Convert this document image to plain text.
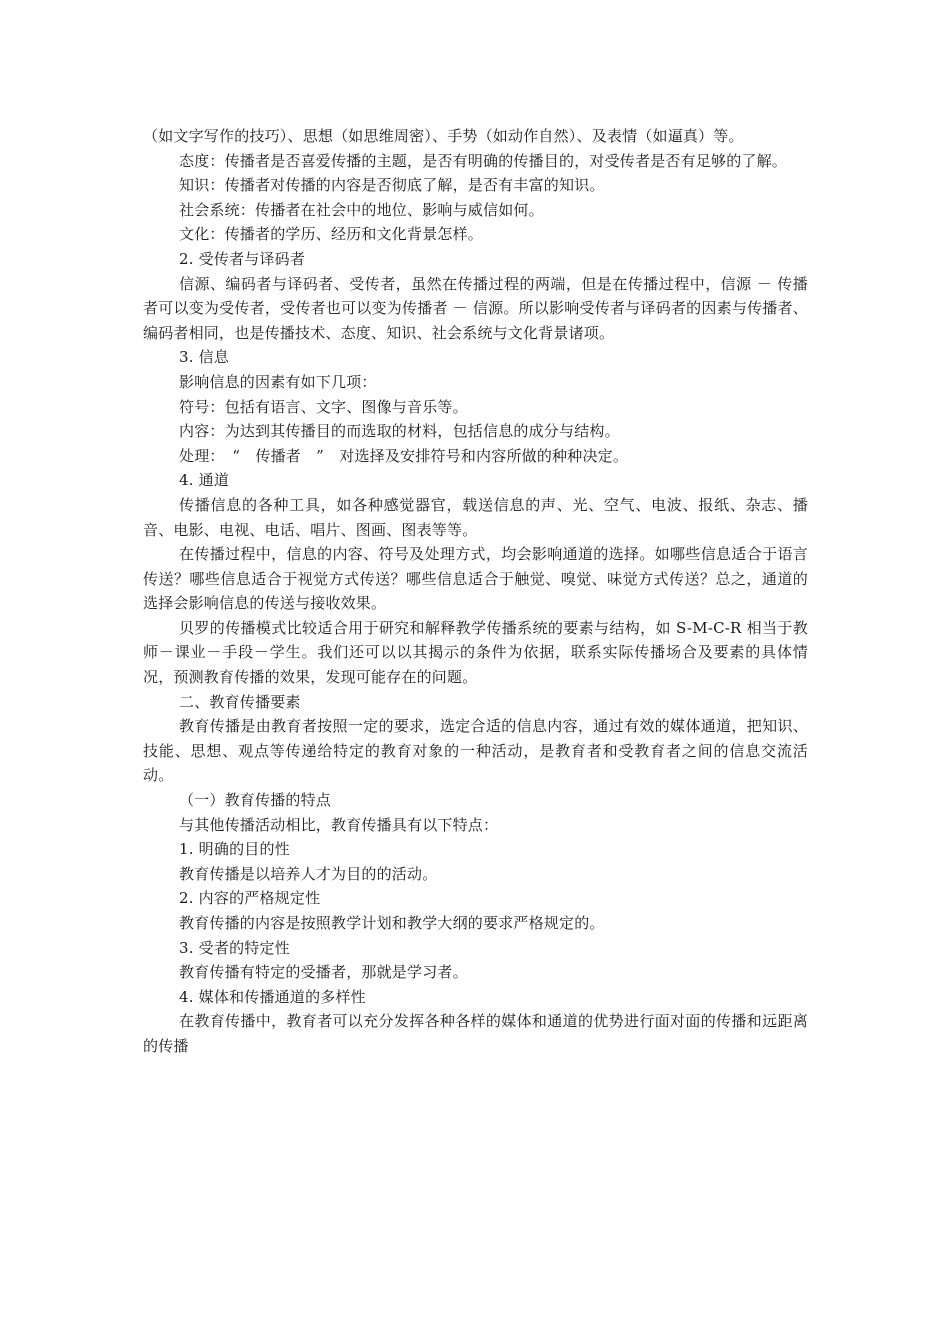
（如文字写作的技巧）、思想（如思维周密）、手势（如动作自然）、及表情（如逼真）等。

态度：传播者是否喜爱传播的主题，是否有明确的传播目的，对受传者是否有足够的了解。

知识：传播者对传播的内容是否彻底了解，是否有丰富的知识。

社会系统：传播者在社会中的地位、影响与威信如何。

文化：传播者的学历、经历和文化背景怎样。

2. 受传者与译码者

信源、编码者与译码者、受传者，虽然在传播过程的两端，但是在传播过程中，信源 － 传播者可以变为受传者，受传者也可以变为传播者 － 信源。所以影响受传者与译码者的因素与传播者、编码者相同，也是传播技术、态度、知识、社会系统与文化背景诸项。

3. 信息

影响信息的因素有如下几项：

符号：包括有语言、文字、图像与音乐等。

内容：为达到其传播目的而选取的材料，包括信息的成分与结构。

处理：　“　传播者　”　对选择及安排符号和内容所做的种种决定。

4. 通道

传播信息的各种工具，如各种感觉器官，载送信息的声、光、空气、电波、报纸、杂志、播音、电影、电视、电话、唱片、图画、图表等等。

在传播过程中，信息的内容、符号及处理方式，均会影响通道的选择。如哪些信息适合于语言传送？哪些信息适合于视觉方式传送？哪些信息适合于触觉、嗅觉、味觉方式传送？总之，通道的选择会影响信息的传送与接收效果。

贝罗的传播模式比较适合用于研究和解释教学传播系统的要素与结构，如 S-M-C-R 相当于教师－课业－手段－学生。我们还可以以其揭示的条件为依据，联系实际传播场合及要素的具体情况，预测教育传播的效果，发现可能存在的问题。

二、教育传播要素

教育传播是由教育者按照一定的要求，选定合适的信息内容，通过有效的媒体通道，把知识、技能、思想、观点等传递给特定的教育对象的一种活动，是教育者和受教育者之间的信息交流活动。

（一）教育传播的特点

与其他传播活动相比，教育传播具有以下特点：

1. 明确的目的性

教育传播是以培养人才为目的的活动。

2. 内容的严格规定性

教育传播的内容是按照教学计划和教学大纲的要求严格规定的。

3. 受者的特定性

教育传播有特定的受播者，那就是学习者。

4. 媒体和传播通道的多样性

在教育传播中，教育者可以充分发挥各种各样的媒体和通道的优势进行面对面的传播和远距离的传播
